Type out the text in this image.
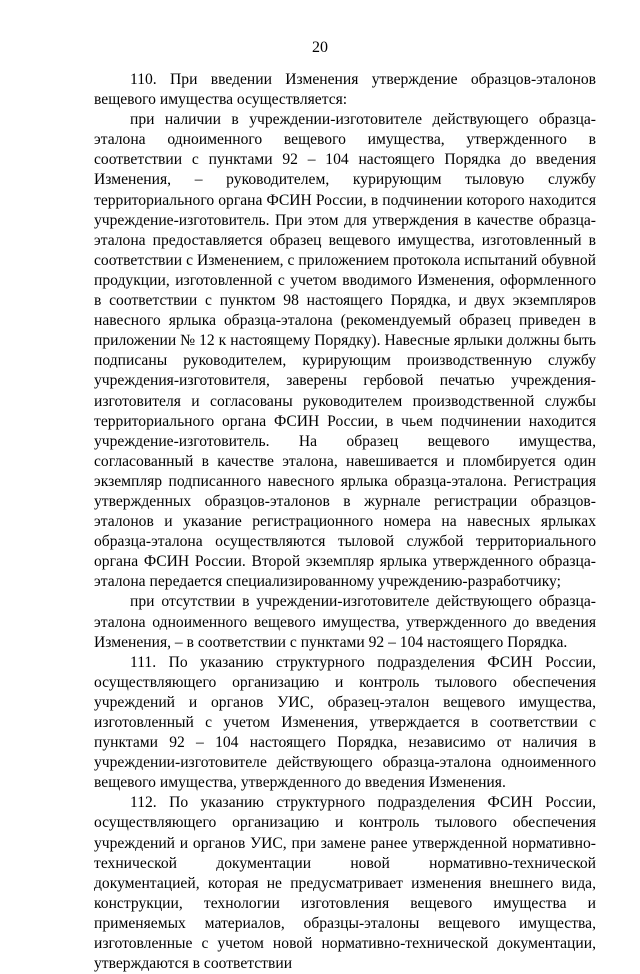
20

110. При введении Изменения утверждение образцов-эталонов вещевого имущества осуществляется:

при наличии в учреждении-изготовителе действующего образца-эталона одноименного вещевого имущества, утвержденного в соответствии с пунктами 92 – 104 настоящего Порядка до введения Изменения, – руководителем, курирующим тыловую службу территориального органа ФСИН России, в подчинении которого находится учреждение-изготовитель. При этом для утверждения в качестве образца-эталона предоставляется образец вещевого имущества, изготовленный в соответствии с Изменением, с приложением протокола испытаний обувной продукции, изготовленной с учетом вводимого Изменения, оформленного в соответствии с пунктом 98 настоящего Порядка, и двух экземпляров навесного ярлыка образца-эталона (рекомендуемый образец приведен в приложении № 12 к настоящему Порядку). Навесные ярлыки должны быть подписаны руководителем, курирующим производственную службу учреждения-изготовителя, заверены гербовой печатью учреждения-изготовителя и согласованы руководителем производственной службы территориального органа ФСИН России, в чьем подчинении находится учреждение-изготовитель. На образец вещевого имущества, согласованный в качестве эталона, навешивается и пломбируется один экземпляр подписанного навесного ярлыка образца-эталона. Регистрация утвержденных образцов-эталонов в журнале регистрации образцов-эталонов и указание регистрационного номера на навесных ярлыках образца-эталона осуществляются тыловой службой территориального органа ФСИН России. Второй экземпляр ярлыка утвержденного образца-эталона передается специализированному учреждению-разработчику;

при отсутствии в учреждении-изготовителе действующего образца-эталона одноименного вещевого имущества, утвержденного до введения Изменения, – в соответствии с пунктами 92 – 104 настоящего Порядка.

111. По указанию структурного подразделения ФСИН России, осуществляющего организацию и контроль тылового обеспечения учреждений и органов УИС, образец-эталон вещевого имущества, изготовленный с учетом Изменения, утверждается в соответствии с пунктами 92 – 104 настоящего Порядка, независимо от наличия в учреждении-изготовителе действующего образца-эталона одноименного вещевого имущества, утвержденного до введения Изменения.

112. По указанию структурного подразделения ФСИН России, осуществляющего организацию и контроль тылового обеспечения учреждений и органов УИС, при замене ранее утвержденной нормативно-технической документации новой нормативно-технической документацией, которая не предусматривает изменения внешнего вида, конструкции, технологии изготовления вещевого имущества и применяемых материалов, образцы-эталоны вещевого имущества, изготовленные с учетом новой нормативно-технической документации, утверждаются в соответствии
